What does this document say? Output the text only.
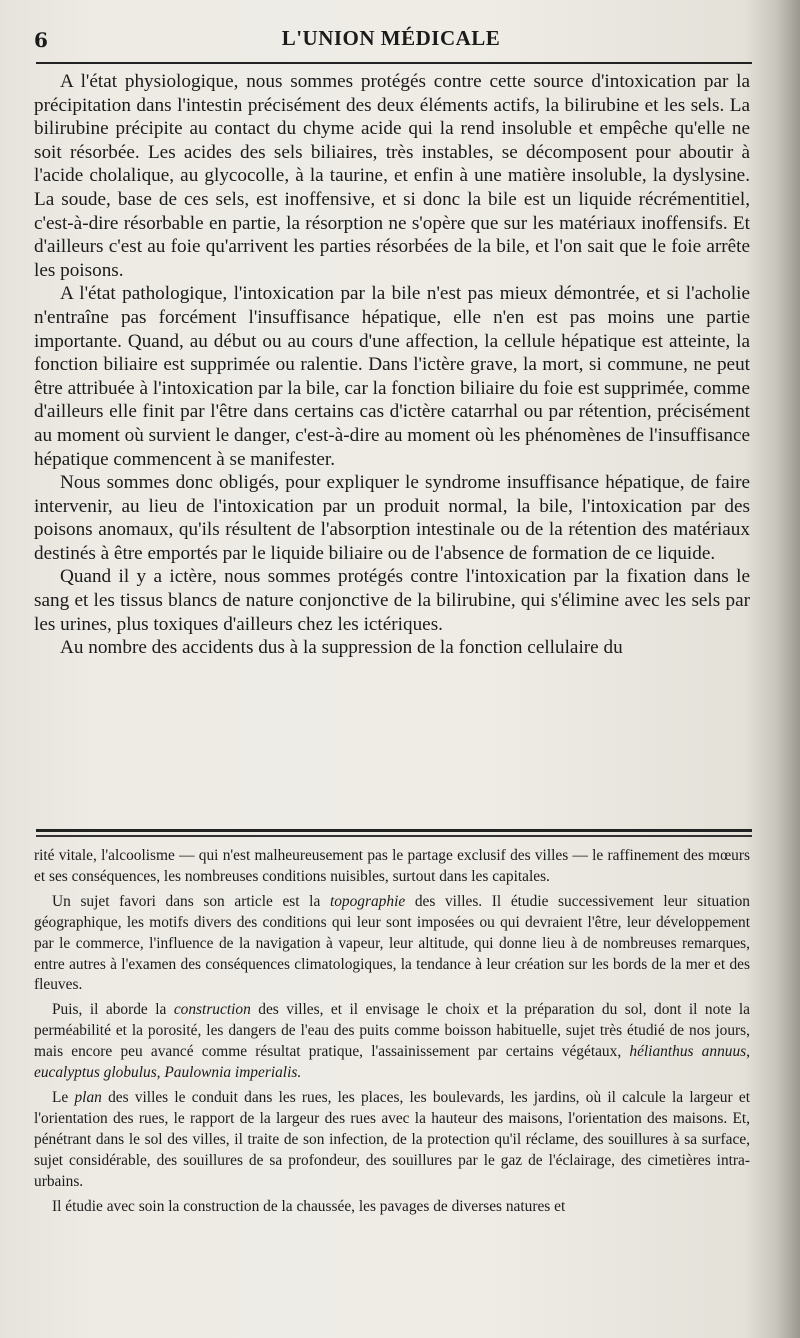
6	L'UNION MÉDICALE

A l'état physiologique, nous sommes protégés contre cette source d'intoxication par la précipitation dans l'intestin précisément des deux éléments actifs, la bilirubine et les sels. La bilirubine précipite au contact du chyme acide qui la rend insoluble et empêche qu'elle ne soit résorbée. Les acides des sels biliaires, très instables, se décomposent pour aboutir à l'acide cholalique, au glycocolle, à la taurine, et enfin à une matière insoluble, la dyslysine. La soude, base de ces sels, est inoffensive, et si donc la bile est un liquide récrémentitiel, c'est-à-dire résorbable en partie, la résorption ne s'opère que sur les matériaux inoffensifs. Et d'ailleurs c'est au foie qu'arrivent les parties résorbées de la bile, et l'on sait que le foie arrête les poisons.

A l'état pathologique, l'intoxication par la bile n'est pas mieux démontrée, et si l'acholie n'entraîne pas forcément l'insuffisance hépatique, elle n'en est pas moins une partie importante. Quand, au début ou au cours d'une affection, la cellule hépatique est atteinte, la fonction biliaire est supprimée ou ralentie. Dans l'ictère grave, la mort, si commune, ne peut être attribuée à l'intoxication par la bile, car la fonction biliaire du foie est supprimée, comme d'ailleurs elle finit par l'être dans certains cas d'ictère catarrhal ou par rétention, précisément au moment où survient le danger, c'est-à-dire au moment où les phénomènes de l'insuffisance hépatique commencent à se manifester.

Nous sommes donc obligés, pour expliquer le syndrome insuffisance hépatique, de faire intervenir, au lieu de l'intoxication par un produit normal, la bile, l'intoxication par des poisons anomaux, qu'ils résultent de l'absorption intestinale ou de la rétention des matériaux destinés à être emportés par le liquide biliaire ou de l'absence de formation de ce liquide.

Quand il y a ictère, nous sommes protégés contre l'intoxication par la fixation dans le sang et les tissus blancs de nature conjonctive de la bilirubine, qui s'élimine avec les sels par les urines, plus toxiques d'ailleurs chez les ictériques.

Au nombre des accidents dus à la suppression de la fonction cellulaire du

rité vitale, l'alcoolisme — qui n'est malheureusement pas le partage exclusif des villes — le raffinement des mœurs et ses conséquences, les nombreuses conditions nuisibles, surtout dans les capitales.

Un sujet favori dans son article est la topographie des villes. Il étudie successivement leur situation géographique, les motifs divers des conditions qui leur sont imposées ou qui devraient l'être, leur développement par le commerce, l'influence de la navigation à vapeur, leur altitude, qui donne lieu à de nombreuses remarques, entre autres à l'examen des conséquences climatologiques, la tendance à leur création sur les bords de la mer et des fleuves.

Puis, il aborde la construction des villes, et il envisage le choix et la préparation du sol, dont il note la perméabilité et la porosité, les dangers de l'eau des puits comme boisson habituelle, sujet très étudié de nos jours, mais encore peu avancé comme résultat pratique, l'assainissement par certains végétaux, hélianthus annuus, eucalyptus globulus, Paulownia imperialis.

Le plan des villes le conduit dans les rues, les places, les boulevards, les jardins, où il calcule la largeur et l'orientation des rues, le rapport de la largeur des rues avec la hauteur des maisons, l'orientation des maisons. Et, pénétrant dans le sol des villes, il traite de son infection, de la protection qu'il réclame, des souillures à sa surface, sujet considérable, des souillures de sa profondeur, des souillures par le gaz de l'éclairage, des cimetières intra-urbains.

Il étudie avec soin la construction de la chaussée, les pavages de diverses natures et
